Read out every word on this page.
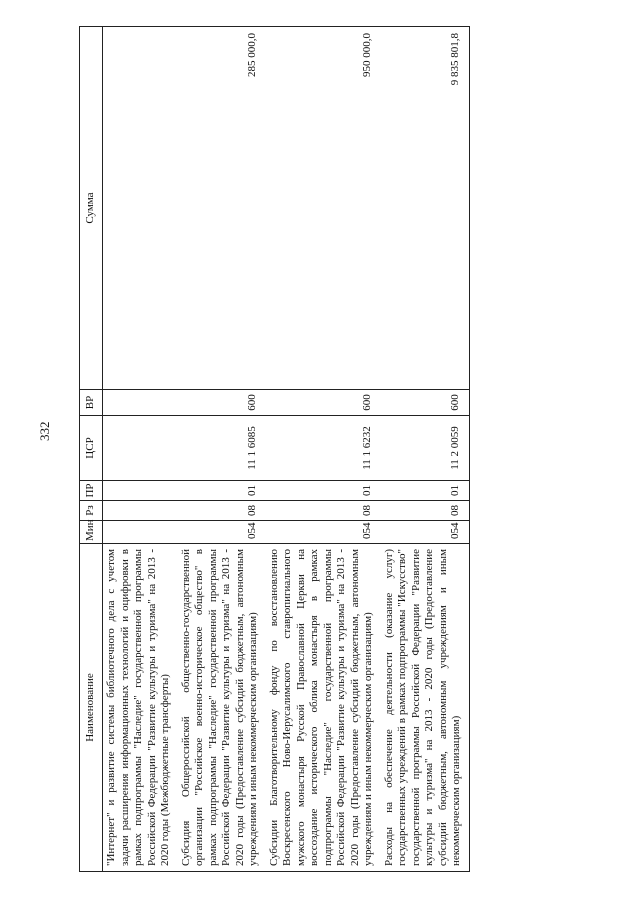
332
Наименование	Мин	Рз	ПР	ЦСР	ВР	Сумма
"Интернет" и развитие системы библиотечного дела с учетом задачи расширения информационных технологий и оцифровки в рамках подпрограммы "Наследие" государственной программы Российской Федерации "Развитие культуры и туризма" на 2013 - 2020 годы (Межбюджетные трансферты)						
Субсидия Общероссийской общественно-государственной организации "Российское военно-историческое общество" в рамках подпрограммы "Наследие" государственной программы Российской Федерации "Развитие культуры и туризма" на 2013 - 2020 годы (Предоставление субсидий бюджетным, автономным учреждениям и иным некоммерческим организациям)	054	08	01	11 1 6085	600	285 000,0
Субсидии Благотворительному фонду по восстановлению Воскресенского Ново-Иерусалимского ставропигиального мужского монастыря Русской Православной Церкви на воссоздание исторического облика монастыря в рамках подпрограммы "Наследие" государственной программы Российской Федерации "Развитие культуры и туризма" на 2013 - 2020 годы (Предоставление субсидий бюджетным, автономным учреждениям и иным некоммерческим организациям)	054	08	01	11 1 6232	600	950 000,0
Расходы на обеспечение деятельности (оказание услуг) государственных учреждений в рамках подпрограммы "Искусство" государственной программы Российской Федерации "Развитие культуры и туризма" на 2013 - 2020 годы (Предоставление субсидий бюджетным, автономным учреждениям и иным некоммерческим организациям)	054	08	01	11 2 0059	600	9 835 801,8
